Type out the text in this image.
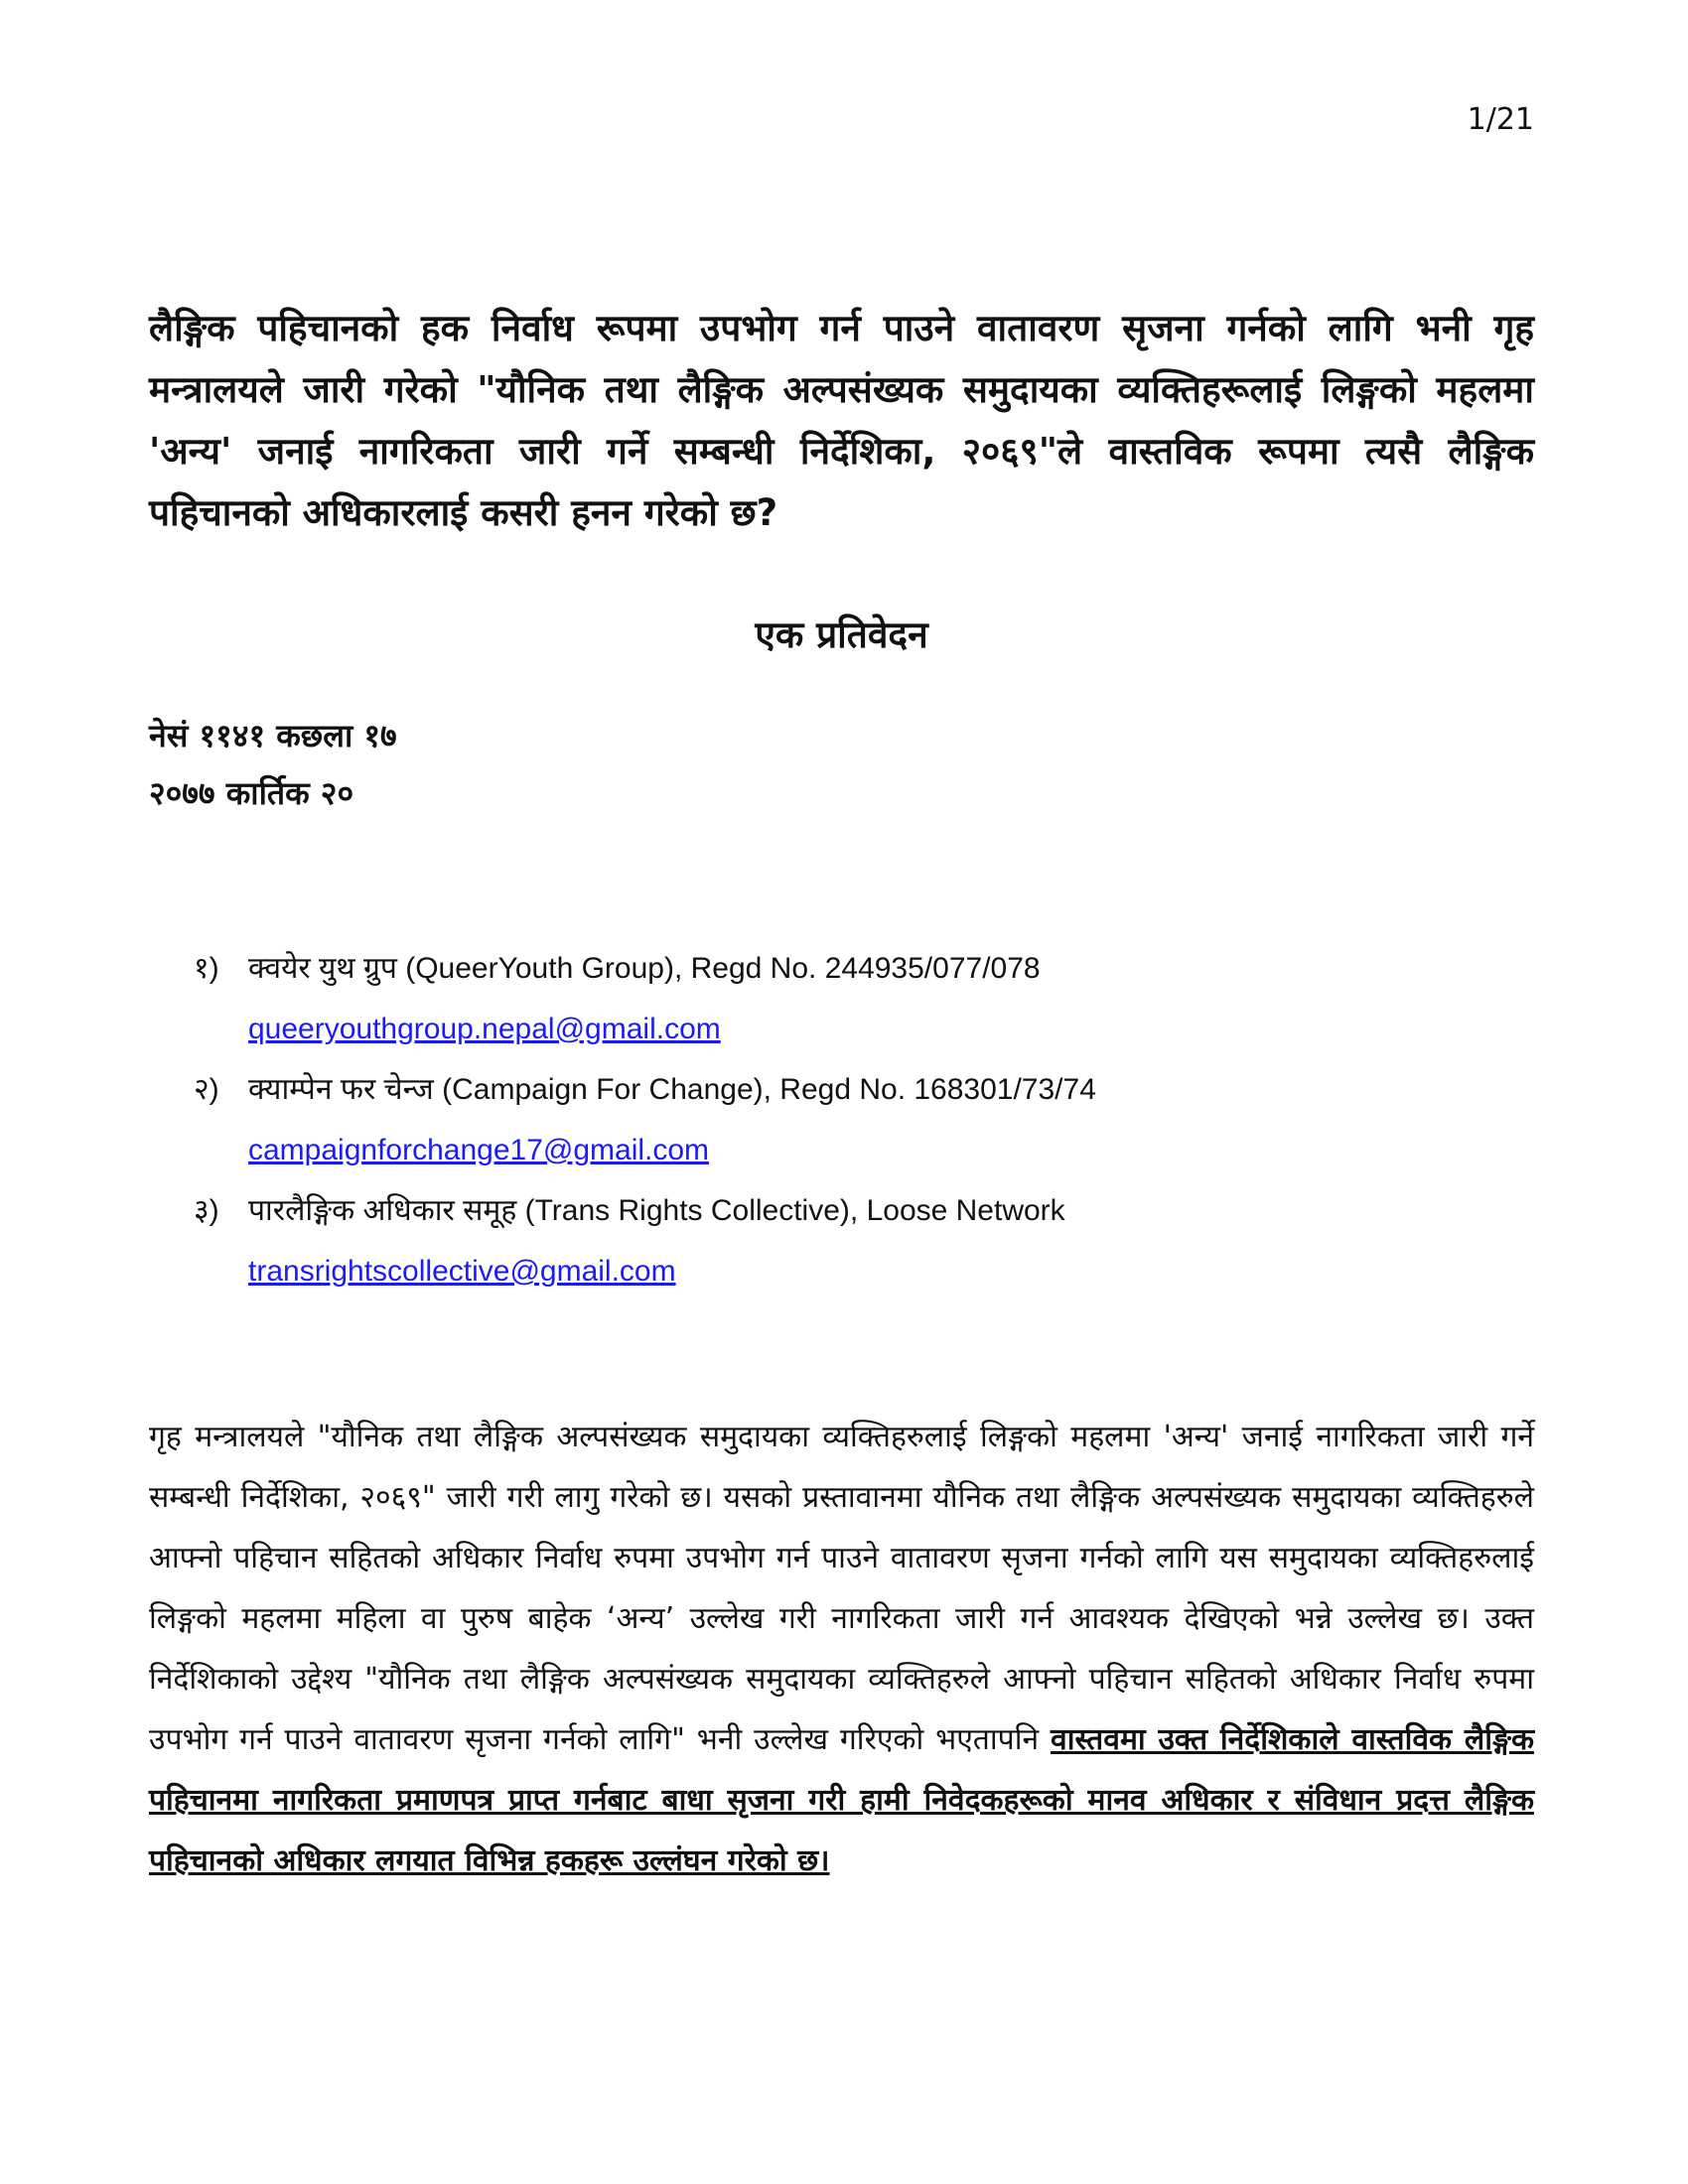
1/21
लैङ्गिक पहिचानको हक निर्वाध रूपमा उपभोग गर्न पाउने वातावरण सृजना गर्नको लागि भनी गृह मन्त्रालयले जारी गरेको "यौनिक तथा लैङ्गिक अल्पसंख्यक समुदायका व्यक्तिहरूलाई लिङ्गको महलमा 'अन्य' जनाई नागरिकता जारी गर्ने सम्बन्धी निर्देशिका, २०६९"ले वास्तविक रूपमा त्यसै लैङ्गिक पहिचानको अधिकारलाई कसरी हनन गरेको छ?
एक प्रतिवेदन
नेसं ११४१ कछला १७
२०७७ कार्तिक २०
१) क्वयेर युथ ग्रुप (QueerYouth Group), Regd No. 244935/077/078
queeryouthgroup.nepal@gmail.com
२) क्याम्पेन फर चेन्ज (Campaign For Change), Regd No. 168301/73/74
campaignforchange17@gmail.com
३) पारलैङ्गिक अधिकार समूह (Trans Rights Collective), Loose Network
transrightscollective@gmail.com

गृह मन्त्रालयले "यौनिक तथा लैङ्गिक अल्पसंख्यक समुदायका व्यक्तिहरुलाई लिङ्गको महलमा 'अन्य' जनाई नागरिकता जारी गर्ने सम्बन्धी निर्देशिका, २०६९" जारी गरी लागु गरेको छ। यसको प्रस्तावानमा यौनिक तथा लैङ्गिक अल्पसंख्यक समुदायका व्यक्तिहरुले आफ्नो पहिचान सहितको अधिकार निर्वाध रुपमा उपभोग गर्न पाउने वातावरण सृजना गर्नको लागि यस समुदायका व्यक्तिहरुलाई लिङ्गको महलमा महिला वा पुरुष बाहेक ‘अन्य’ उल्लेख गरी नागरिकता जारी गर्न आवश्यक देखिएको भन्ने उल्लेख छ। उक्त निर्देशिकाको उद्देश्य "यौनिक तथा लैङ्गिक अल्पसंख्यक समुदायका व्यक्तिहरुले आफ्नो पहिचान सहितको अधिकार निर्वाध रुपमा उपभोग गर्न पाउने वातावरण सृजना गर्नको लागि" भनी उल्लेख गरिएको भएतापनि वास्तवमा उक्त निर्देशिकाले वास्तविक लैङ्गिक पहिचानमा नागरिकता प्रमाणपत्र प्राप्त गर्नबाट बाधा सृजना गरी हामी निवेदकहरूको मानव अधिकार र संविधान प्रदत्त लैङ्गिक पहिचानको अधिकार लगयात विभिन्न हकहरू उल्लंघन गरेको छ।
